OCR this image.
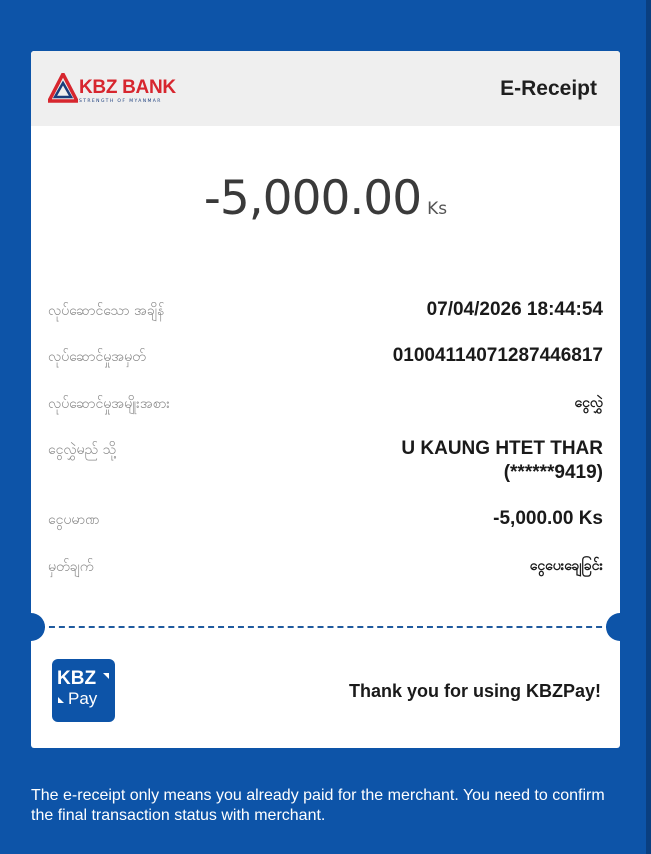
KBZ BANK
STRENGTH OF MYANMAR
E-Receipt
-5,000.00 Ks
လုပ်ဆောင်သော အချိန်	07/04/2026 18:44:54
လုပ်ဆောင်မှုအမှတ်	01004114071287446817
လုပ်ဆောင်မှုအမျိုးအစား	ငွေလွှဲ
ငွေလွှဲမည် သို့	U KAUNG HTET THAR
(******9419)
ငွေပမာဏ	-5,000.00 Ks
မှတ်ချက်	ငွေပေးချေခြင်း
KBZ
Pay	Thank you for using KBZPay!
The e-receipt only means you already paid for the merchant. You need to confirm the final transaction status with merchant.
